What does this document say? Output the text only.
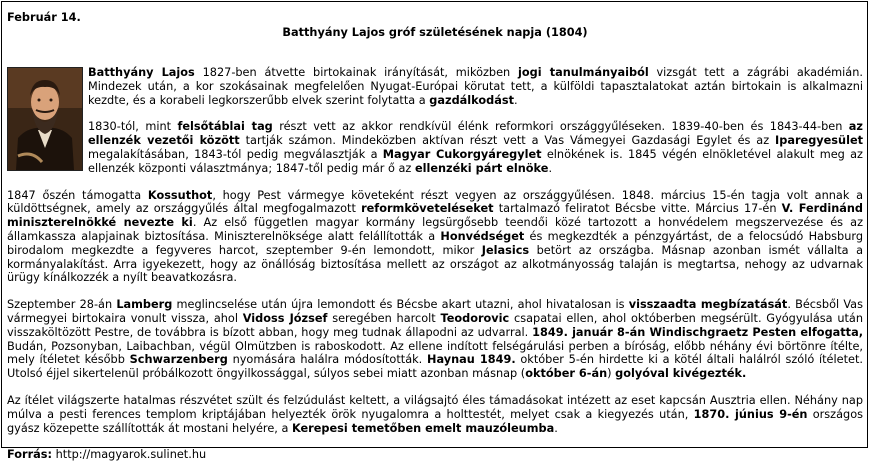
Február 14.
Batthyány Lajos gróf születésének napja (1804)

Batthyány Lajos 1827-ben átvette birtokainak irányítását, miközben jogi tanulmányaiból vizsgát tett a zágrábi akadémián. Mindezek után, a kor szokásainak megfelelően Nyugat-Európai körutat tett, a külföldi tapasztalatokat aztán birtokain is alkalmazni kezdte, és a korabeli legkorszerűbb elvek szerint folytatta a gazdálkodást.

1830-tól, mint felsőtáblai tag részt vett az akkor rendkívül élénk reformkori országgyűléseken. 1839-40-ben és 1843-44-ben az ellenzék vezetői között tartják számon. Mindeközben aktívan részt vett a Vas Vámegyei Gazdasági Egylet és az Iparegyesület megalakításában, 1843-tól pedig megválasztják a Magyar Cukorgyáregylet elnökének is. 1845 végén elnökletével alakult meg az ellenzék központi választmánya; 1847-től pedig már ő az ellenzéki párt elnöke.

1847 őszén támogatta Kossuthot, hogy Pest vármegye követeként részt vegyen az országgyűlésen. 1848. március 15-én tagja volt annak a küldöttségnek, amely az országgyűlés által megfogalmazott reformköveteléseket tartalmazó feliratot Bécsbe vitte. Március 17-én V. Ferdinánd miniszterelnökké nevezte ki. Az első független magyar kormány legsürgősebb teendői közé tartozott a honvédelem megszervezése és az államkassza alapjainak biztosítása. Miniszterelnöksége alatt felállították a Honvédséget és megkezdték a pénzgyártást, de a felocsúdó Habsburg birodalom megkezdte a fegyveres harcot, szeptember 9-én lemondott, mikor Jelasics betört az országba. Másnap azonban ismét vállalta a kormányalakítást. Arra igyekezett, hogy az önállóság biztosítása mellett az országot az alkotmányosság talaján is megtartsa, nehogy az udvarnak ürügy kínálkozzék a nyílt beavatkozásra.

Szeptember 28-án Lamberg meglincselése után újra lemondott és Bécsbe akart utazni, ahol hivatalosan is visszaadta megbízatását. Bécsből Vas vármegyei birtokaira vonult vissza, ahol Vidoss József seregében harcolt Teodorovic csapatai ellen, ahol októberben megsérült. Gyógyulása után visszaköltözött Pestre, de továbbra is bízott abban, hogy meg tudnak állapodni az udvarral. 1849. január 8-án Windischgraetz Pesten elfogatta, Budán, Pozsonyban, Laibachban, végül Olmützben is raboskodott. Az ellene indított felségárulási perben a bíróság, előbb néhány évi börtönre ítélte, mely ítéletet később Schwarzenberg nyomására halálra módosították. Haynau 1849. október 5-én hirdette ki a kötél általi halálról szóló ítéletet. Utolsó éjjel sikertelenül próbálkozott öngyilkossággal, súlyos sebei miatt azonban másnap (október 6-án) golyóval kivégezték.

Az ítélet világszerte hatalmas részvétet szült és felzúdulást keltett, a világsajtó éles támadásokat intézett az eset kapcsán Ausztria ellen. Néhány nap múlva a pesti ferences templom kriptájában helyezték örök nyugalomra a holttestét, melyet csak a kiegyezés után, 1870. június 9-én országos gyász közepette szállították át mostani helyére, a Kerepesi temetőben emelt mauzóleumba.

Forrás: http://magyarok.sulinet.hu
